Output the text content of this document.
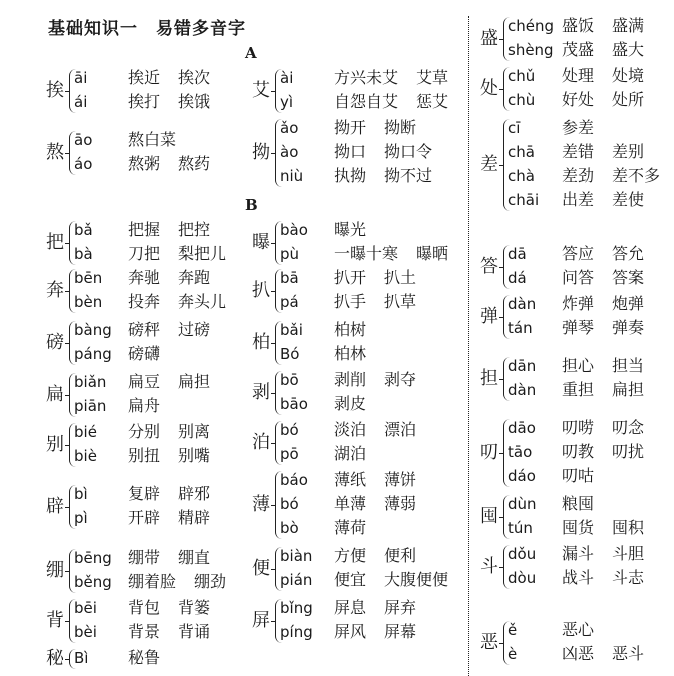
基础知识一　易错多音字
A
B
挨
āi	挨近 挨次
ái	挨打 挨饿
熬
āo 熬白菜
áo 熬粥 熬药
把
bǎ 把握 把控
bà 刀把 梨把儿
奔
bēn 奔驰 奔跑
bèn 投奔 奔头儿
磅
bàng 磅秤 过磅
páng 磅礴
扁
biǎn 扁豆 扁担
piān 扁舟
别
bié 分别 别离
biè 别扭 别嘴
辟
bì	复辟 辟邪
pì	开辟 精辟
绷
bēng 绷带 绷直
běng 绷着脸 绷劲
背
bēi 背包 背篓
bèi 背景 背诵
秘 Bì 秘鲁
艾
ài	方兴未艾 艾草
yì	自怨自艾 惩艾
拗
ǎo 拗开 拗断
ào 拗口 拗口令
niù 执拗 拗不过
曝
bào 曝光
pù 一曝十寒 曝晒
扒
bā 扒开 扒土
pá 扒手 扒草
柏
bǎi 柏树
Bó 柏林
剥
bō 剥削 剥夺
bāo 剥皮
泊
bó 淡泊 漂泊
pō 湖泊
薄
báo 薄纸 薄饼
bó 单薄 薄弱
bò 薄荷
便
biàn 方便 便利
pián 便宜 大腹便便
屏
bǐng 屏息 屏弃
píng 屏风 屏幕
盛
chéng 盛饭 盛满
shèng 茂盛 盛大
处
chǔ 处理 处境
chù 好处 处所
差
cī	参差
chā 差错 差别
chà 差劲 差不多
chāi 出差 差使
答
dā 答应 答允
dá 问答 答案
弹
dàn 炸弹 炮弹
tán 弹琴 弹奏
担
dān 担心 担当
dàn 重担 扁担
叨
dāo 叨唠 叨念
tāo 叨教 叨扰
dáo 叨咕
囤
dùn 粮囤
tún 囤货 囤积
斗
dǒu 漏斗 斗胆
dòu 战斗 斗志
恶
ě	恶心
è	凶恶 恶斗
